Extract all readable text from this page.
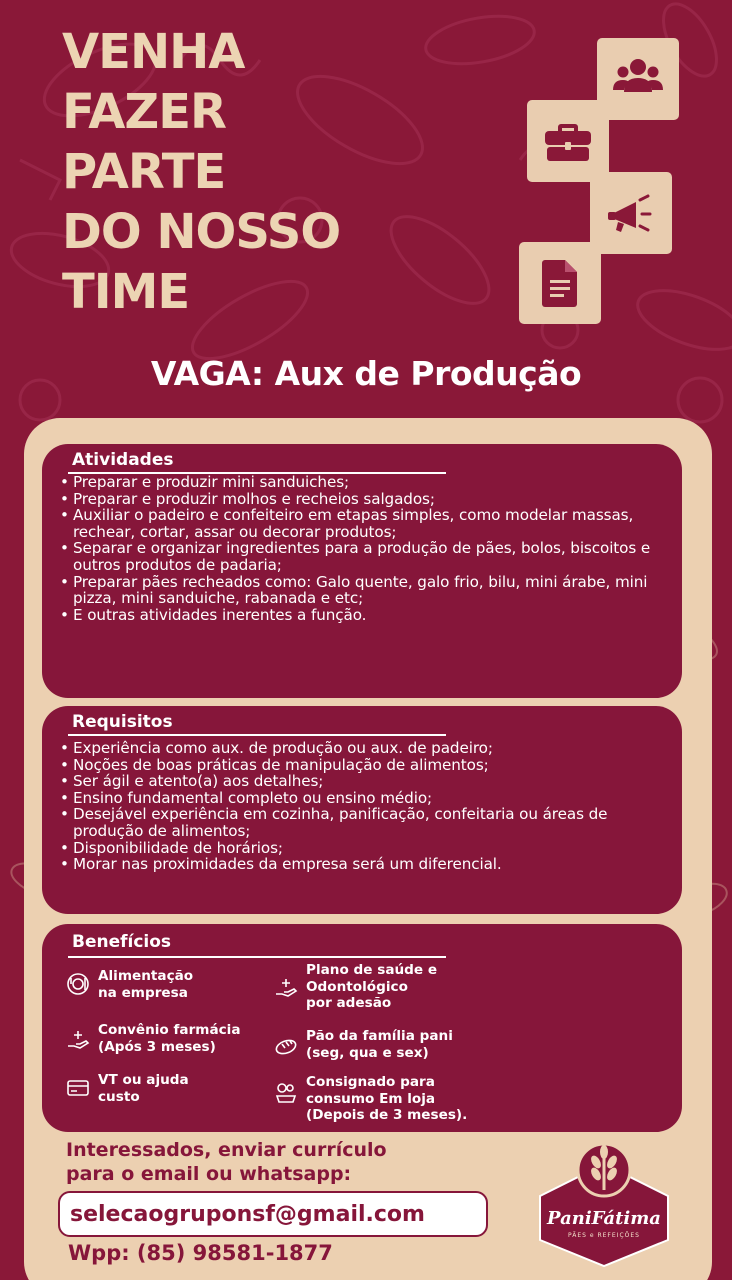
VENHA
FAZER
PARTE
DO NOSSO
TIME
VAGA: Aux de Produção
Atividades
• Preparar e produzir mini sanduiches;
• Preparar e produzir molhos e recheios salgados;
• Auxiliar o padeiro e confeiteiro em etapas simples, como modelar massas, rechear, cortar, assar ou decorar produtos;
• Separar e organizar ingredientes para a produção de pães, bolos, biscoitos e outros produtos de padaria;
• Preparar pães recheados como: Galo quente, galo frio, bilu, mini árabe, mini pizza, mini sanduiche, rabanada e etc;
• E outras atividades inerentes a função.
Requisitos
• Experiência como aux. de produção ou aux. de padeiro;
• Noções de boas práticas de manipulação de alimentos;
• Ser ágil e atento(a) aos detalhes;
• Ensino fundamental completo ou ensino médio;
• Desejável experiência em cozinha, panificação, confeitaria ou áreas de produção de alimentos;
• Disponibilidade de horários;
• Morar nas proximidades da empresa será um diferencial.
Benefícios
Alimentação
na empresa
Plano de saúde e
Odontológico
por adesão
Convênio farmácia
(Após 3 meses)
Pão da família pani
(seg, qua e sex)
VT ou ajuda
custo
Consignado para
consumo Em loja
(Depois de 3 meses).
Interessados, enviar currículo
para o email ou whatsapp:
selecaogruponsf@gmail.com
Wpp: (85) 98581-1877
PaniFátima
PÃES e REFEIÇÕES
